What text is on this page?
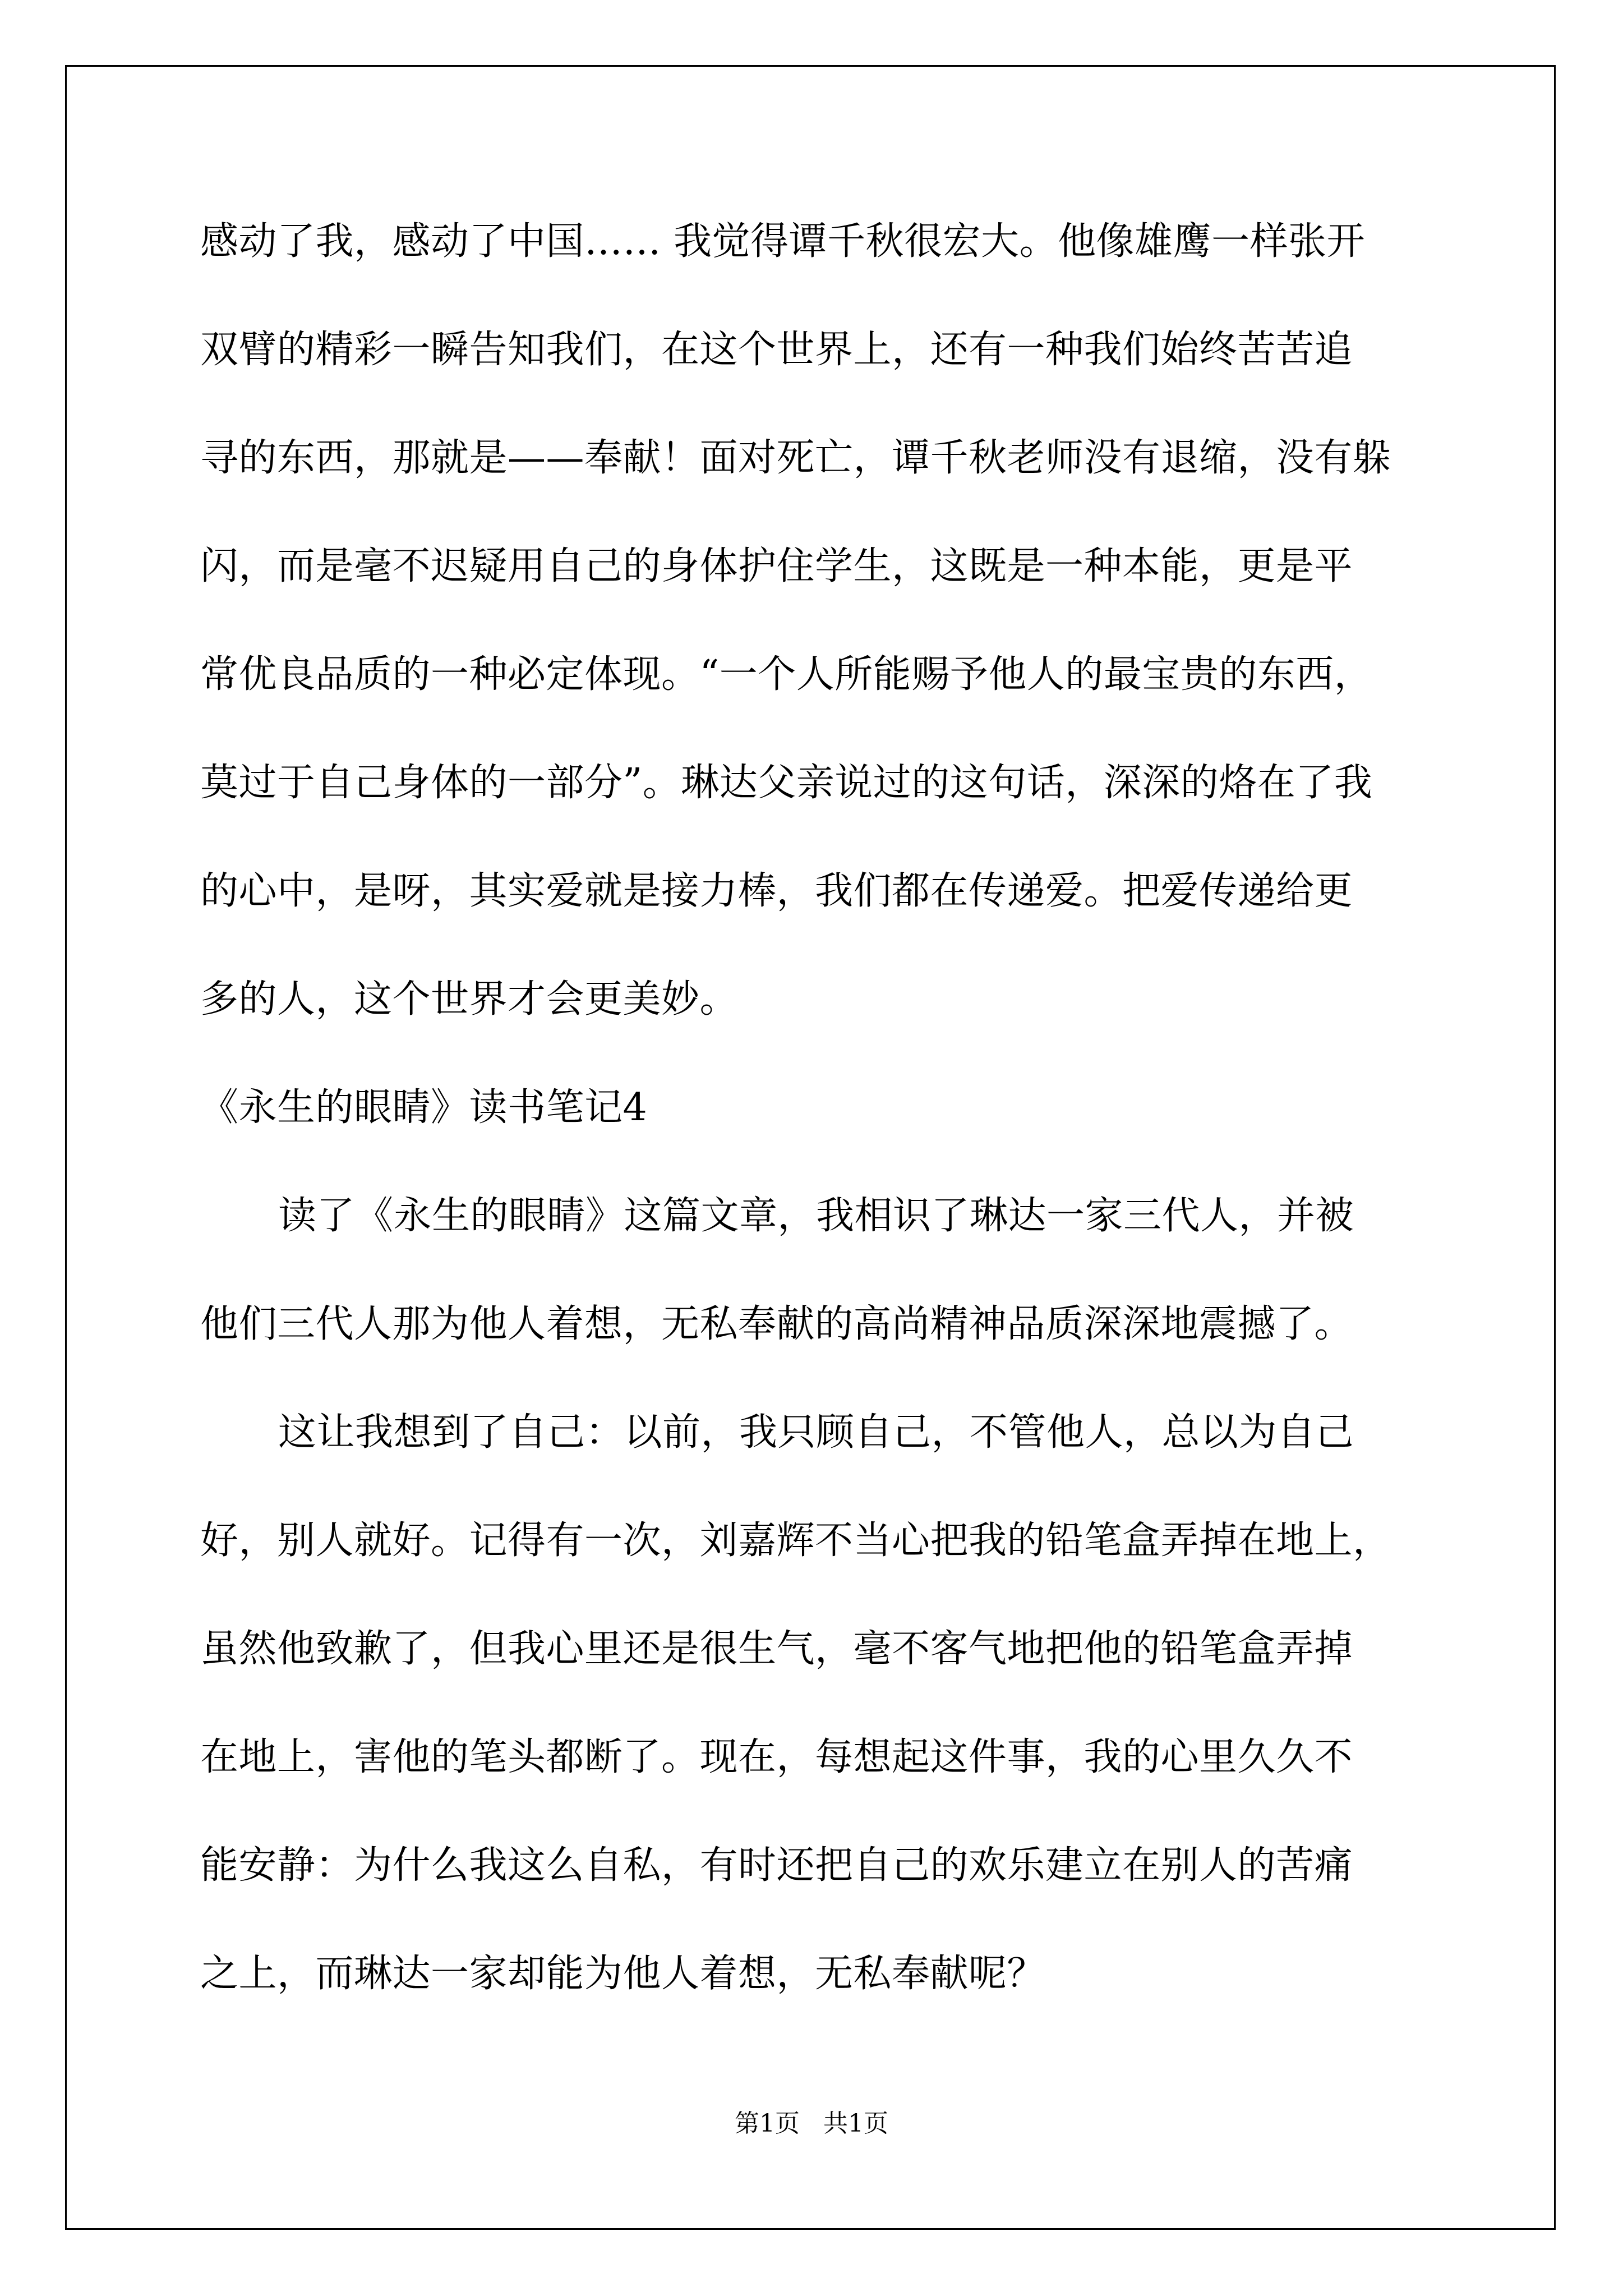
感动了我，感动了中国…… 我觉得谭千秋很宏大。他像雄鹰一样张开
双臂的精彩一瞬告知我们，在这个世界上，还有一种我们始终苦苦追
寻的东西，那就是——奉献！面对死亡，谭千秋老师没有退缩，没有躲
闪，而是毫不迟疑用自己的身体护住学生，这既是一种本能，更是平
常优良品质的一种必定体现。“一个人所能赐予他人的最宝贵的东西，
莫过于自己身体的一部分”。琳达父亲说过的这句话，深深的烙在了我
的心中，是呀，其实爱就是接力棒，我们都在传递爱。把爱传递给更
多的人，这个世界才会更美妙。
《永生的眼睛》读书笔记4
读了《永生的眼睛》这篇文章，我相识了琳达一家三代人，并被
他们三代人那为他人着想，无私奉献的高尚精神品质深深地震撼了。
这让我想到了自己：以前，我只顾自己，不管他人，总以为自己
好，别人就好。记得有一次，刘嘉辉不当心把我的铅笔盒弄掉在地上，
虽然他致歉了，但我心里还是很生气，毫不客气地把他的铅笔盒弄掉
在地上，害他的笔头都断了。现在，每想起这件事，我的心里久久不
能安静：为什么我这么自私，有时还把自己的欢乐建立在别人的苦痛
之上，而琳达一家却能为他人着想，无私奉献呢？
第1页   共1页
